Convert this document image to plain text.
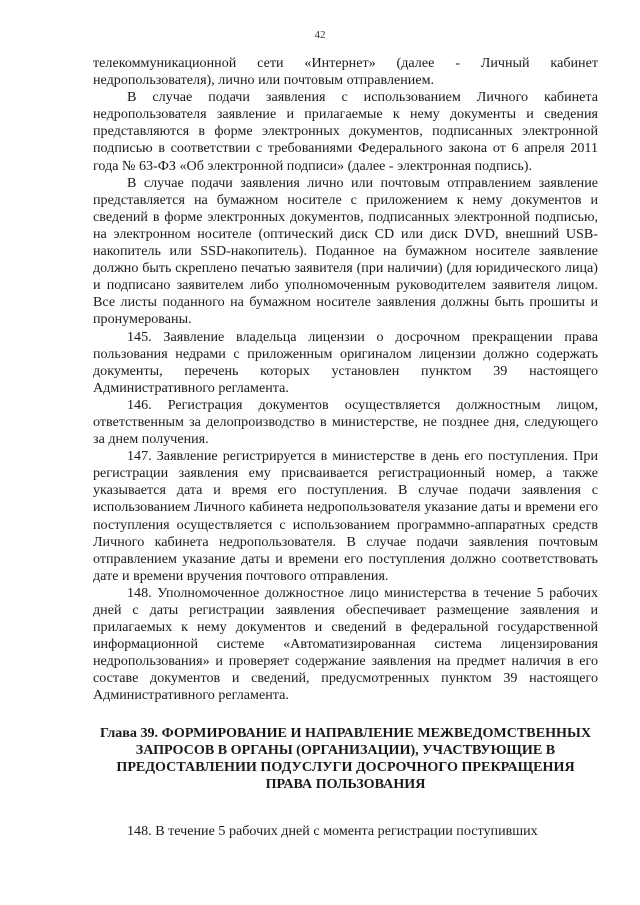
42

телекоммуникационной сети «Интернет» (далее - Личный кабинет недропользователя), лично или почтовым отправлением.

В случае подачи заявления с использованием Личного кабинета недропользователя заявление и прилагаемые к нему документы и сведения представляются в форме электронных документов, подписанных электронной подписью в соответствии с требованиями Федерального закона от 6 апреля 2011 года № 63-ФЗ «Об электронной подписи» (далее - электронная подпись).

В случае подачи заявления лично или почтовым отправлением заявление представляется на бумажном носителе с приложением к нему документов и сведений в форме электронных документов, подписанных электронной подписью, на электронном носителе (оптический диск CD или диск DVD, внешний USB-накопитель или SSD-накопитель). Поданное на бумажном носителе заявление должно быть скреплено печатью заявителя (при наличии) (для юридического лица) и подписано заявителем либо уполномоченным руководителем заявителя лицом. Все листы поданного на бумажном носителе заявления должны быть прошиты и пронумерованы.

145. Заявление владельца лицензии о досрочном прекращении права пользования недрами с приложенным оригиналом лицензии должно содержать документы, перечень которых установлен пунктом 39 настоящего Административного регламента.

146. Регистрация документов осуществляется должностным лицом, ответственным за делопроизводство в министерстве, не позднее дня, следующего за днем получения.

147. Заявление регистрируется в министерстве в день его поступления. При регистрации заявления ему присваивается регистрационный номер, а также указывается дата и время его поступления. В случае подачи заявления с использованием Личного кабинета недропользователя указание даты и времени его поступления осуществляется с использованием программно-аппаратных средств Личного кабинета недропользователя. В случае подачи заявления почтовым отправлением указание даты и времени его поступления должно соответствовать дате и времени вручения почтового отправления.

148. Уполномоченное должностное лицо министерства в течение 5 рабочих дней с даты регистрации заявления обеспечивает размещение заявления и прилагаемых к нему документов и сведений в федеральной государственной информационной системе «Автоматизированная система лицензирования недропользования» и проверяет содержание заявления на предмет наличия в его составе документов и сведений, предусмотренных пунктом 39 настоящего Административного регламента.

Глава 39. ФОРМИРОВАНИЕ И НАПРАВЛЕНИЕ МЕЖВЕДОМСТВЕННЫХ ЗАПРОСОВ В ОРГАНЫ (ОРГАНИЗАЦИИ), УЧАСТВУЮЩИЕ В ПРЕДОСТАВЛЕНИИ ПОДУСЛУГИ ДОСРОЧНОГО ПРЕКРАЩЕНИЯ ПРАВА ПОЛЬЗОВАНИЯ

148. В течение 5 рабочих дней с момента регистрации поступивших
